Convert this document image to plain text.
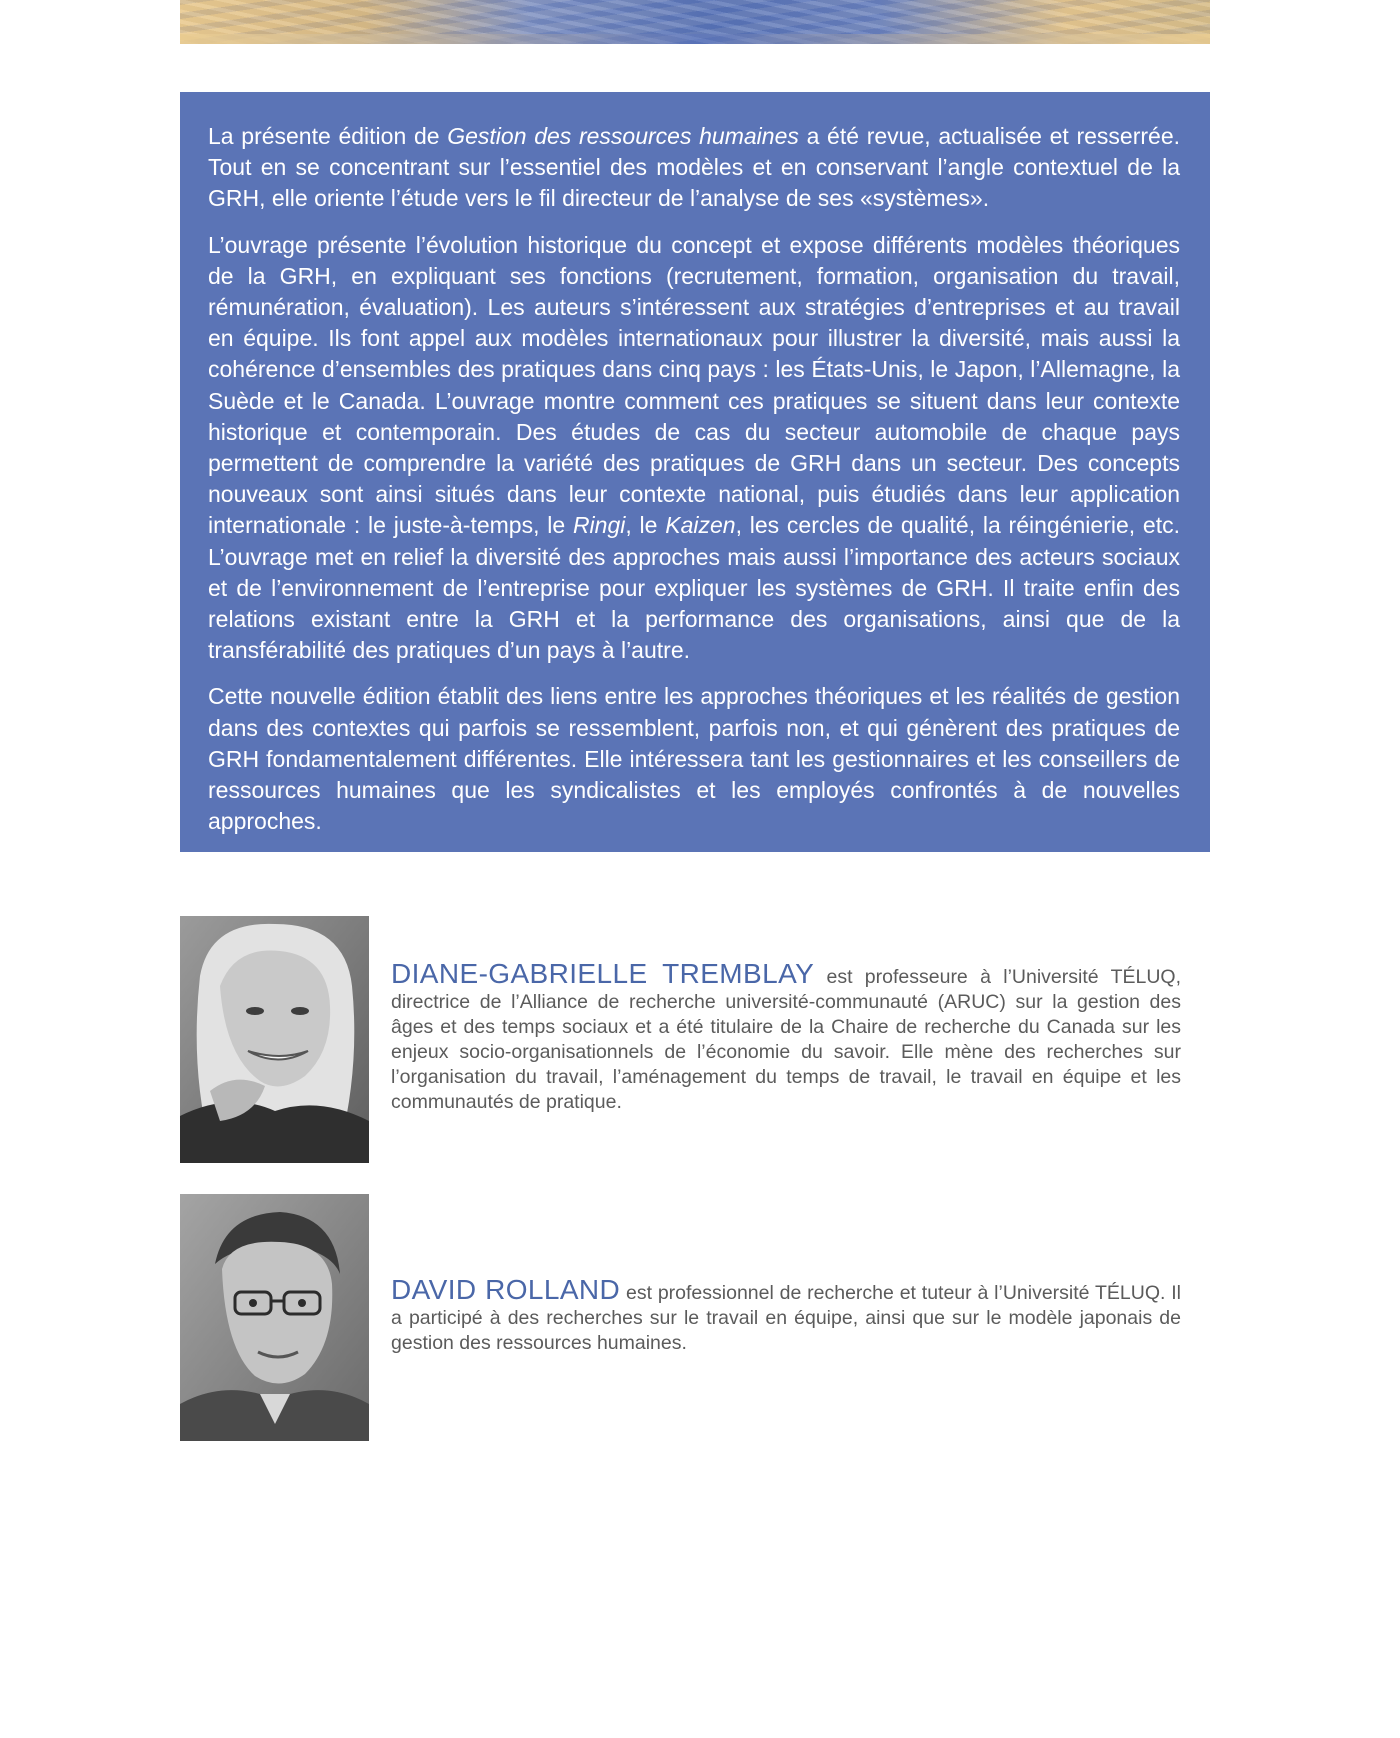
La présente édition de Gestion des ressources humaines a été revue, actualisée et resserrée. Tout en se concentrant sur l’essentiel des modèles et en conservant l’angle contextuel de la GRH, elle oriente l’étude vers le fil directeur de l’analyse de ses «systèmes».

L’ouvrage présente l’évolution historique du concept et expose différents modèles théoriques de la GRH, en expliquant ses fonctions (recrutement, formation, organisation du travail, rémunération, évaluation). Les auteurs s’intéressent aux stratégies d’entreprises et au travail en équipe. Ils font appel aux modèles internationaux pour illustrer la diversité, mais aussi la cohérence d’ensembles des pratiques dans cinq pays : les États-Unis, le Japon, l’Allemagne, la Suède et le Canada. L’ouvrage montre comment ces pratiques se situent dans leur contexte historique et contemporain. Des études de cas du secteur automobile de chaque pays permettent de comprendre la variété des pratiques de GRH dans un secteur. Des concepts nouveaux sont ainsi situés dans leur contexte national, puis étudiés dans leur application internationale : le juste-à-temps, le Ringi, le Kaizen, les cercles de qualité, la réingénierie, etc. L’ouvrage met en relief la diversité des approches mais aussi l’importance des acteurs sociaux et de l’environnement de l’entreprise pour expliquer les systèmes de GRH. Il traite enfin des relations existant entre la GRH et la performance des organisations, ainsi que de la transférabilité des pratiques d’un pays à l’autre.

Cette nouvelle édition établit des liens entre les approches théoriques et les réalités de gestion dans des contextes qui parfois se ressemblent, parfois non, et qui génèrent des pratiques de GRH fondamentalement différentes. Elle intéressera tant les gestionnaires et les conseillers de ressources humaines que les syndicalistes et les employés confrontés à de nouvelles approches.

DIANE-GABRIELLE TREMBLAY est professeure à l’Université TÉLUQ, directrice de l’Alliance de recherche université-communauté (ARUC) sur la gestion des âges et des temps sociaux et a été titulaire de la Chaire de recherche du Canada sur les enjeux socio-organisationnels de l’économie du savoir. Elle mène des recherches sur l’organisation du travail, l’aménagement du temps de travail, le travail en équipe et les communautés de pratique.
DAVID ROLLAND est professionnel de recherche et tuteur à l’Université TÉLUQ. Il a participé à des recherches sur le travail en équipe, ainsi que sur le modèle japonais de gestion des ressources humaines.
